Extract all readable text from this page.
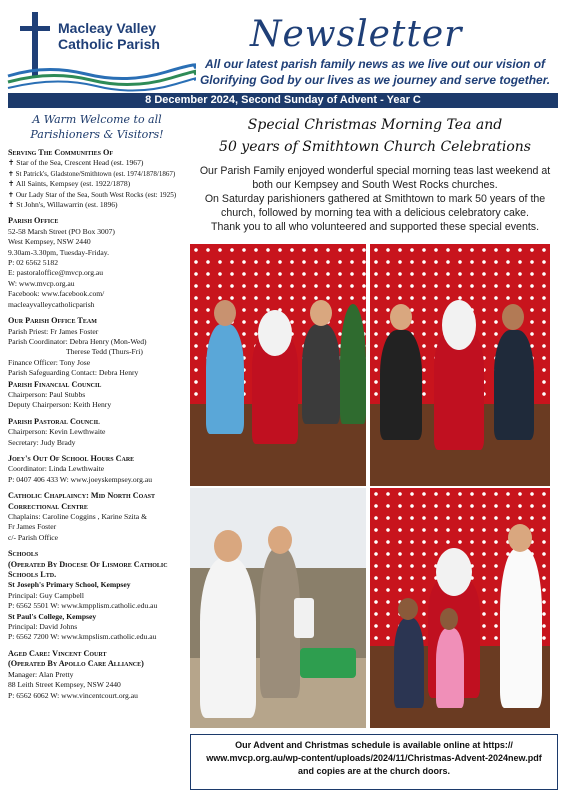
Macleay Valley
Catholic Parish	Newsletter
All our latest parish family news as we live out our vision of
Glorifying God by our lives as we journey and serve together.
8 December 2024, Second Sunday of Advent - Year C
A Warm Welcome to all
Parishioners & Visitors!
Serving The Communities Of
✝ Star of the Sea, Crescent Head (est. 1967)
✝ St Patrick's, Gladstone/Smithtown (est. 1974/1878/1867)
✝ All Saints, Kempsey (est. 1922/1878)
✝ Our Lady Star of the Sea, South West Rocks (est: 1925)
✝ St John's, Willawarrin (est. 1896)
Parish Office
52-58 Marsh Street (PO Box 3007)
West Kempsey, NSW 2440
9.30am-3.30pm, Tuesday-Friday.
P: 02 6562 5182
E: pastoraloffice@mvcp.org.au
W: www.mvcp.org.au
Facebook: www.facebook.com/
macleayvalleycatholicparish
Our Parish Office Team
Parish Priest: Fr James Foster
Parish Coordinator: Debra Henry (Mon-Wed)
Therese Tedd (Thurs-Fri)
Finance Officer: Tony Jose
Parish Safeguarding Contact: Debra Henry
Parish Financial Council
Chairperson: Paul Stubbs
Deputy Chairperson: Keith Henry
Parish Pastoral Council
Chairperson: Kevin Lewthwaite
Secretary: Judy Brady
Joey's Out Of School Hours Care
Coordinator: Linda Lewthwaite
P: 0407 406 433 W: www.joeyskempsey.org.au
Catholic Chaplaincy: Mid North Coast
Correctional Centre
Chaplains: Caroline Coggins , Karine Szita &
Fr James Foster
c/- Parish Office
Schools
(Operated By Diocese Of Lismore Catholic
Schools Ltd.
St Joseph's Primary School, Kempsey
Principal: Guy Campbell
P: 6562 5501 W: www.kmpplism.catholic.edu.au
St Paul's College, Kempsey
Principal: David Johns
P: 6562 7200 W: www.kmpslism.catholic.edu.au
Aged Care: Vincent Court
(Operated By Apollo Care Alliance)
Manager: Alan Pretty
88 Leith Street Kempsey, NSW 2440
P: 6562 6062 W: www.vincentcourt.org.au
Special Christmas Morning Tea and
50 years of Smithtown Church Celebrations
Our Parish Family enjoyed wonderful special morning teas last weekend at
both our Kempsey and South West Rocks churches.
On Saturday parishioners gathered at Smithtown to mark 50 years of the
church, followed by morning tea with a delicious celebratory cake.
Thank you to all who volunteered and supported these special events.
Our Advent and Christmas schedule is available online at https://
www.mvcp.org.au/wp-content/uploads/2024/11/Christmas-Advent-2024new.pdf
and copies are at the church doors.
